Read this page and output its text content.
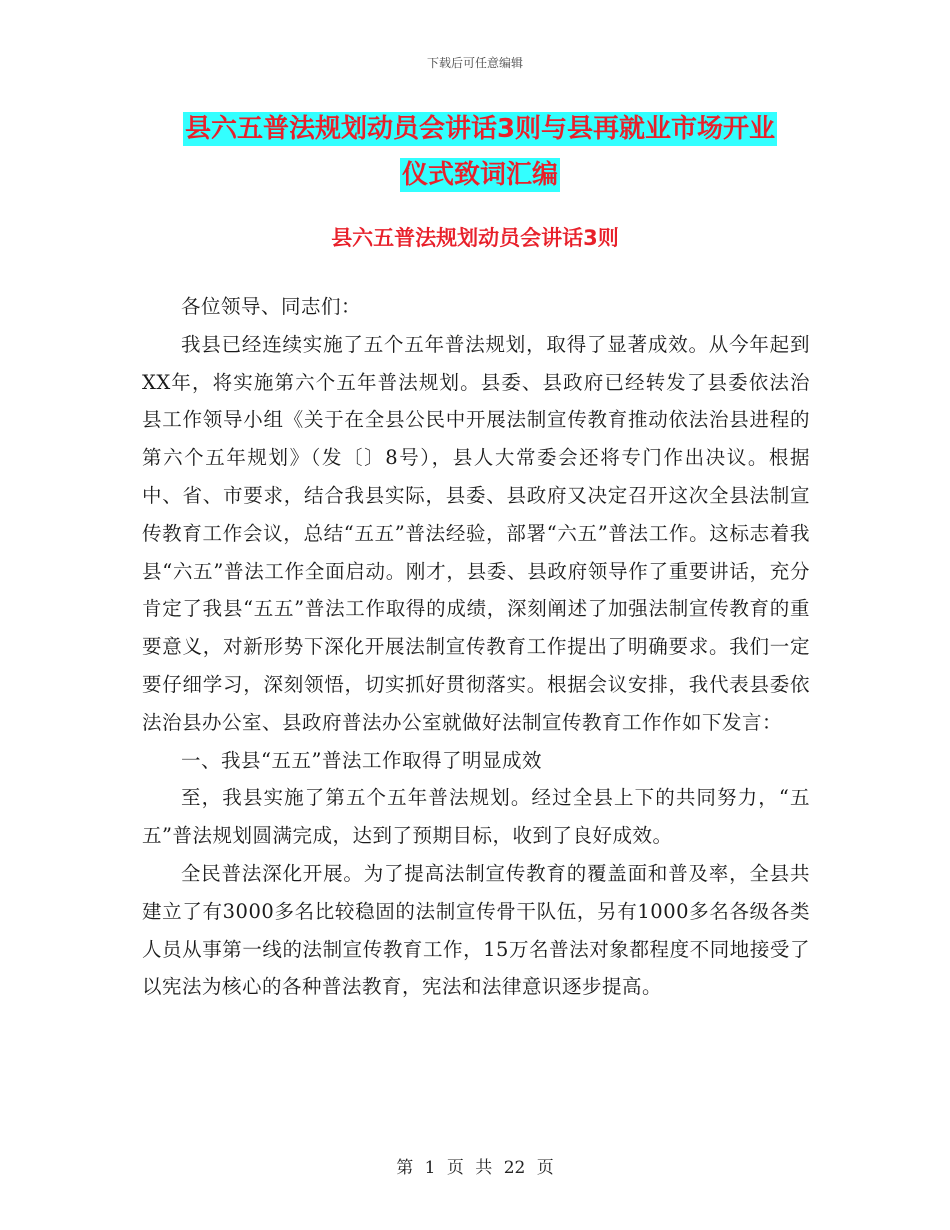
下载后可任意编辑
县六五普法规划动员会讲话3则与县再就业市场开业
仪式致词汇编
县六五普法规划动员会讲话3则

各位领导、同志们：

我县已经连续实施了五个五年普法规划，取得了显著成效。从今年起到XX年，将实施第六个五年普法规划。县委、县政府已经转发了县委依法治县工作领导小组《关于在全县公民中开展法制宣传教育推动依法治县进程的第六个五年规划》（发〔〕8号），县人大常委会还将专门作出决议。根据中、省、市要求，结合我县实际，县委、县政府又决定召开这次全县法制宣传教育工作会议，总结“五五”普法经验，部署“六五”普法工作。这标志着我县“六五”普法工作全面启动。刚才，县委、县政府领导作了重要讲话，充分肯定了我县“五五”普法工作取得的成绩，深刻阐述了加强法制宣传教育的重要意义，对新形势下深化开展法制宣传教育工作提出了明确要求。我们一定要仔细学习，深刻领悟，切实抓好贯彻落实。根据会议安排，我代表县委依法治县办公室、县政府普法办公室就做好法制宣传教育工作作如下发言：

一、我县“五五”普法工作取得了明显成效

至，我县实施了第五个五年普法规划。经过全县上下的共同努力，“五五”普法规划圆满完成，达到了预期目标，收到了良好成效。

全民普法深化开展。为了提高法制宣传教育的覆盖面和普及率，全县共建立了有3000多名比较稳固的法制宣传骨干队伍，另有1000多名各级各类人员从事第一线的法制宣传教育工作，15万名普法对象都程度不同地接受了以宪法为核心的各种普法教育，宪法和法律意识逐步提高。

第 1 页 共 22 页
